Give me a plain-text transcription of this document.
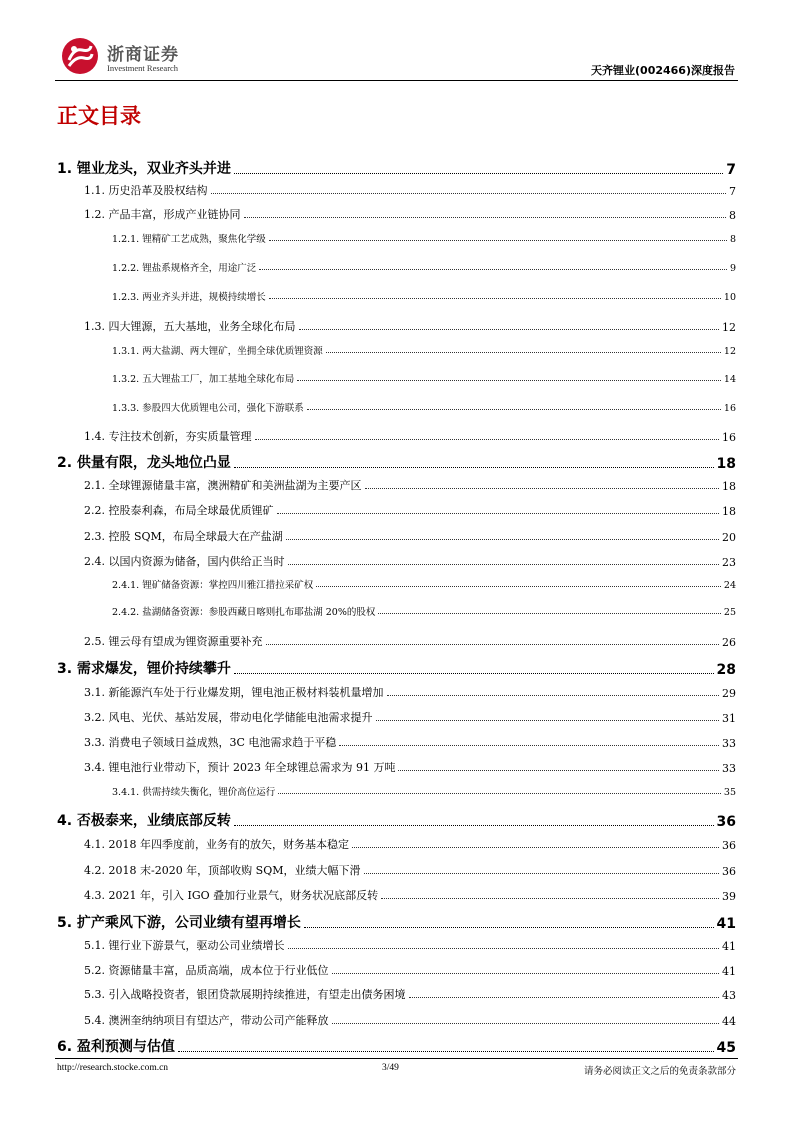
浙商证券
Investment Research	天齐锂业(002466)深度报告
正文目录
1. 锂业龙头，双业齐头并进	7
1.1. 历史沿革及股权结构	7
1.2. 产品丰富，形成产业链协同	8
1.2.1. 锂精矿工艺成熟，聚焦化学级	8
1.2.2. 锂盐系规格齐全，用途广泛	9
1.2.3. 两业齐头并进，规模持续增长	10
1.3. 四大锂源，五大基地，业务全球化布局	12
1.3.1. 两大盐湖、两大锂矿，坐拥全球优质锂资源	12
1.3.2. 五大锂盐工厂，加工基地全球化布局	14
1.3.3. 参股四大优质锂电公司，强化下游联系	16
1.4. 专注技术创新，夯实质量管理	16
2. 供量有限，龙头地位凸显	18
2.1. 全球锂源储量丰富，澳洲精矿和美洲盐湖为主要产区	18
2.2. 控股泰利森，布局全球最优质锂矿	18
2.3. 控股 SQM，布局全球最大在产盐湖	20
2.4. 以国内资源为储备，国内供给正当时	23
2.4.1. 锂矿储备资源：掌控四川雅江措拉采矿权	24
2.4.2. 盐湖储备资源：参股西藏日喀则扎布耶盐湖 20%的股权	25
2.5. 锂云母有望成为锂资源重要补充	26
3. 需求爆发，锂价持续攀升	28
3.1. 新能源汽车处于行业爆发期，锂电池正极材料装机量增加	29
3.2. 风电、光伏、基站发展，带动电化学储能电池需求提升	31
3.3. 消费电子领域日益成熟，3C 电池需求趋于平稳	33
3.4. 锂电池行业带动下，预计 2023 年全球锂总需求为 91 万吨	33
3.4.1. 供需持续失衡化，锂价高位运行	35
4. 否极泰来，业绩底部反转	36
4.1. 2018 年四季度前，业务有的放矢，财务基本稳定	36
4.2. 2018 末-2020 年，顶部收购 SQM，业绩大幅下滑	36
4.3. 2021 年，引入 IGO 叠加行业景气，财务状况底部反转	39
5. 扩产乘风下游，公司业绩有望再增长	41
5.1. 锂行业下游景气，驱动公司业绩增长	41
5.2. 资源储量丰富，品质高端，成本位于行业低位	41
5.3. 引入战略投资者，银团贷款展期持续推进，有望走出债务困境	43
5.4. 澳洲奎纳纳项目有望达产，带动公司产能释放	44
6. 盈利预测与估值	45
http://research.stocke.com.cn	3/49	请务必阅读正文之后的免责条款部分
